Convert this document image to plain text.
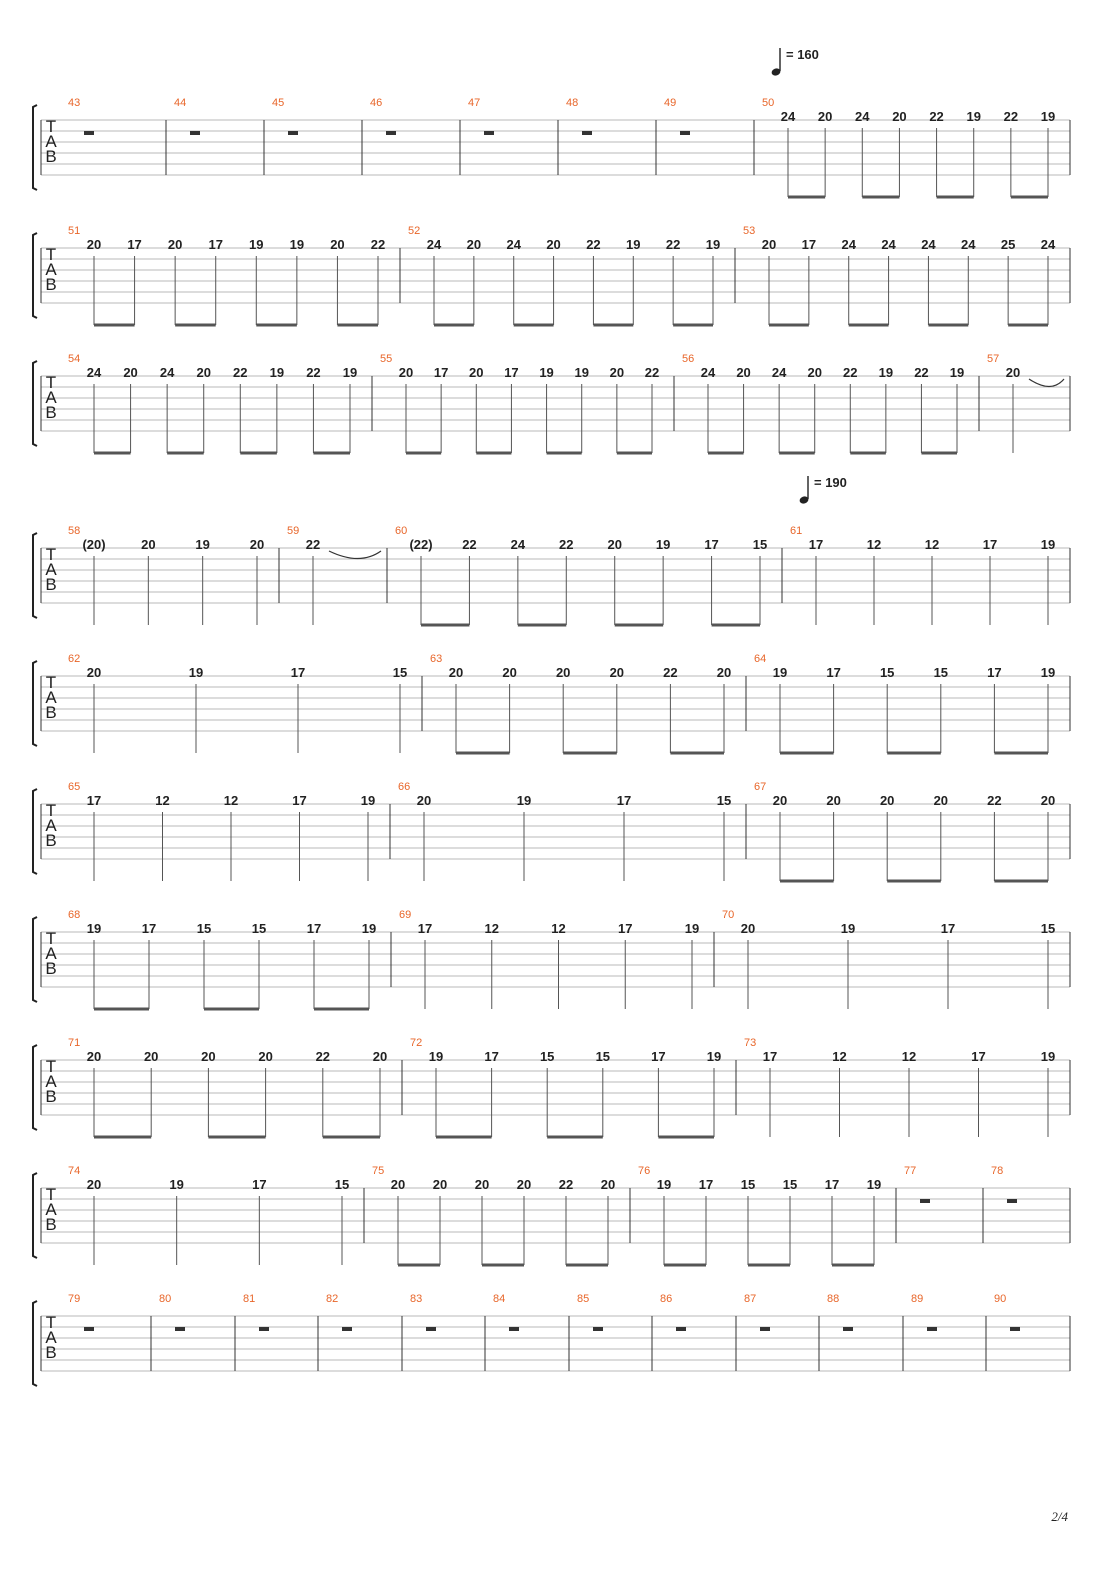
T
A
B
43	44	45	46	47	48	49	50
24 20 24 20 22 19 22 19
= 160
T
A
B
51
20 17 20 17 19 19 20 22
52
24 20 24 20 22 19 22 19
53
20 17 24 24 24 24 25 24
T
A
B
54
24 20 24 20 22 19 22 19
55
20 17 20 17 19 19 20 22
56
24 20 24 20 22 19 22 19
57
20
T
A
B
58
(20)	20	19	20
59
22
60
(22) 22	24	22	20	19	17	15
61
17	12	12	17	19
= 190
T
A
B
62
20	19	17	15
63
20	20	20	20	22	20
64
19	17	15	15	17	19
T
A
B
65
17	12	12	17	19
66
20	19	17	15
67
20	20	20	20	22	20
T
A
B
68
19	17	15	15	17	19
69
17	12	12	17	19
70
20	19	17	15
T
A
B
71
20	20	20	20	22	20
72
19	17	15	15	17	19
73
17	12	12	17	19
T
A
B
74
20	19	17	15
75
20 20 20 20 22 20
76
19 17 15 15 17 19
77	78
T
A
B
79	80	81	82	83	84	85	86	87	88	89	90
2/4
